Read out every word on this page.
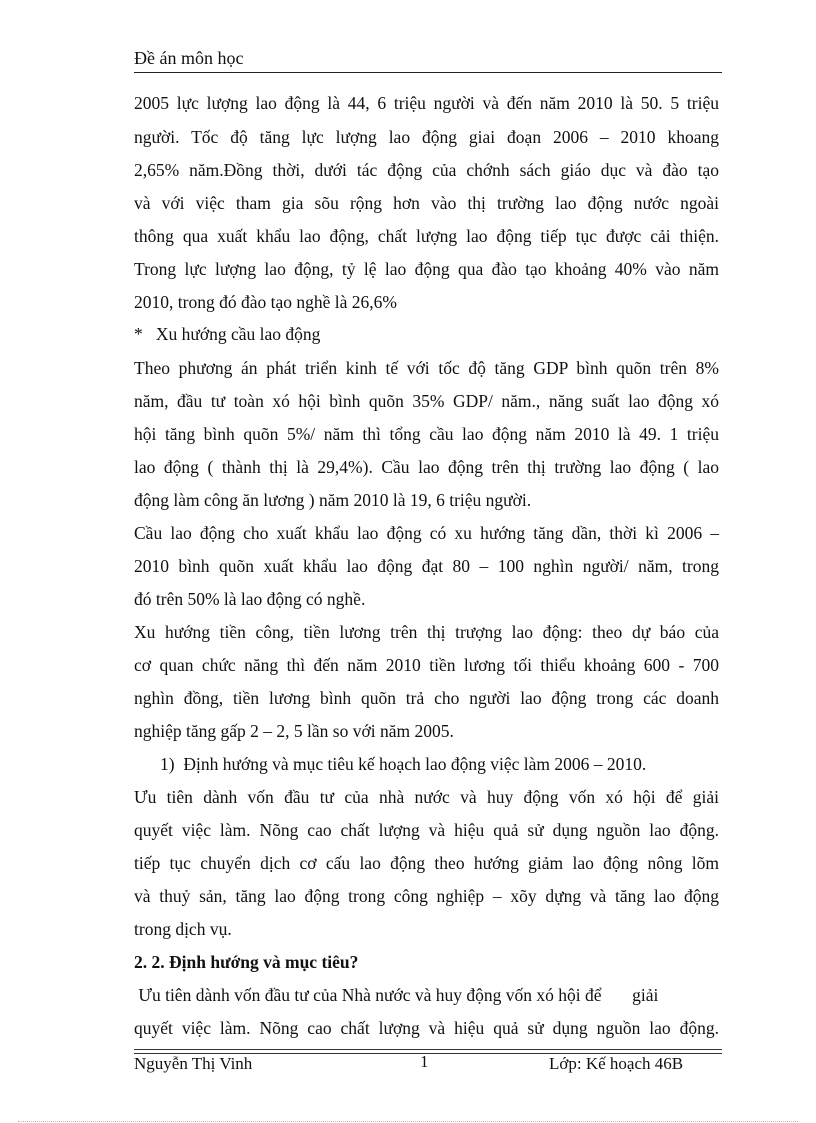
Đề án môn học
2005 lực lượng lao động là 44, 6 triệu người và đến năm 2010 là 50. 5 triệu
người. Tốc độ tăng lực lượng lao động giai đoạn 2006 – 2010 khoang
2,65% năm.Đồng thời, dưới tác động của chớnh sách giáo dục và đào tạo
và với việc tham gia sõu rộng hơn vào thị trường lao động nước ngoài
thông qua xuất khẩu lao động, chất lượng lao động tiếp tục được cải thiện.
Trong lực lượng lao động, tỷ lệ lao động qua đào tạo khoảng 40% vào năm
2010, trong đó đào tạo nghề là 26,6%
*   Xu hướng cầu lao động
Theo phương án phát triển kinh tế với tốc độ tăng GDP bình quõn trên 8%
năm, đầu tư toàn xó hội bình quõn 35% GDP/ năm., năng suất lao động xó
hội tăng bình quõn 5%/ năm thì tổng cầu lao động năm 2010 là 49. 1 triệu
lao động ( thành thị là 29,4%). Cầu lao động trên thị trường lao động ( lao
động làm công ăn lương ) năm 2010 là 19, 6 triệu người.
Cầu lao động cho xuất khẩu lao động có xu hướng tăng dần, thời kì 2006 –
2010 bình quõn xuất khẩu lao động đạt 80 – 100 nghìn người/ năm, trong
đó trên 50% là lao động có nghề.
Xu hướng tiền công, tiền lương trên thị trượng lao động: theo dự báo của
cơ quan chức năng thì đến năm 2010 tiền lương tối thiểu khoảng 600 - 700
nghìn đồng, tiền lương bình quõn trả cho người lao động trong các doanh
nghiệp tăng gấp 2 – 2, 5 lần so với năm 2005.
1)  Định hướng và mục tiêu kế hoạch lao động việc làm 2006 – 2010.
Ưu tiên dành vốn đầu tư của nhà nước và huy động vốn xó hội để giải
quyết việc làm. Nõng cao chất lượng và hiệu quả sử dụng nguồn lao động.
tiếp tục chuyển dịch cơ cấu lao động theo hướng giảm lao động nông lõm
và thuỷ sản, tăng lao động trong công nghiệp – xõy dựng và tăng lao động
trong dịch vụ.
2. 2. Định hướng và mục tiêu?
Ưu tiên dành vốn đầu tư của Nhà nước và huy động vốn xó hội để       giải
quyết việc làm. Nõng cao chất lượng và hiệu quả sử dụng nguồn lao động.
Nguyễn Thị Vinh	1	Lớp: Kế hoạch 46B
